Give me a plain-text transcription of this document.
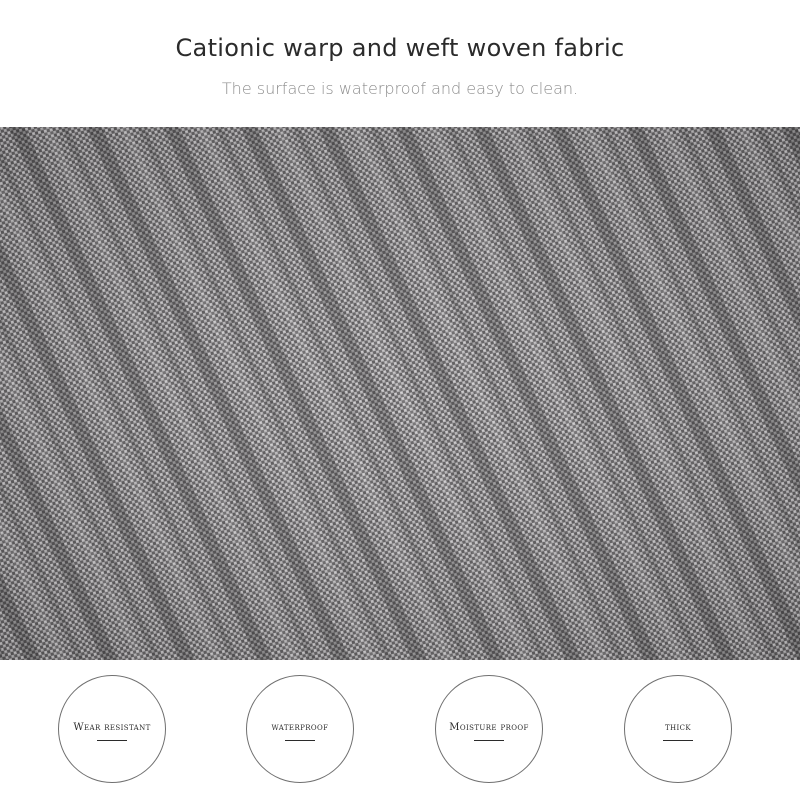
Cationic warp and weft woven fabric
The surface is waterproof and easy to clean.
Wear resistant	waterproof	Moisture proof	thick
